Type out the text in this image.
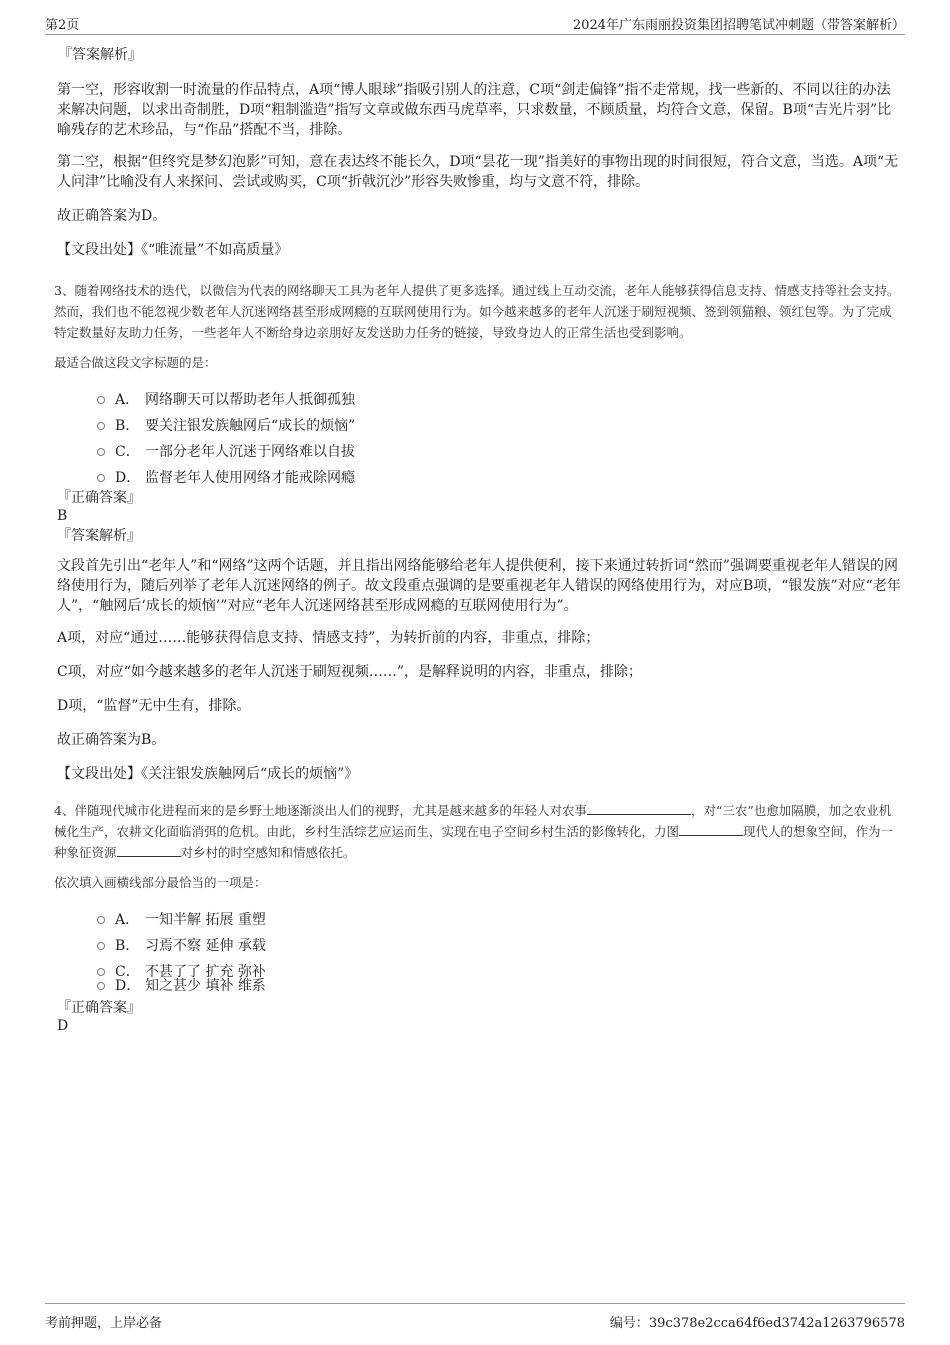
第2页	2024年广东雨丽投资集团招聘笔试冲刺题（带答案解析）
『答案解析』

第一空，形容收割一时流量的作品特点，A项“博人眼球”指吸引别人的注意，C项“剑走偏锋”指不走常规，找一些新的、不同以往的办法来解决问题，以求出奇制胜，D项“粗制滥造”指写文章或做东西马虎草率，只求数量，不顾质量，均符合文意，保留。B项“吉光片羽”比喻残存的艺术珍品，与“作品”搭配不当，排除。

第二空，根据“但终究是梦幻泡影”可知，意在表达终不能长久，D项“昙花一现”指美好的事物出现的时间很短，符合文意，当选。A项“无人问津”比喻没有人来探问、尝试或购买，C项“折戟沉沙”形容失败惨重，均与文意不符，排除。

故正确答案为D。

【文段出处】《“唯流量”不如高质量》

3、随着网络技术的迭代，以微信为代表的网络聊天工具为老年人提供了更多选择。通过线上互动交流，老年人能够获得信息支持、情感支持等社会支持。然而，我们也不能忽视少数老年人沉迷网络甚至形成网瘾的互联网使用行为。如今越来越多的老年人沉迷于刷短视频、签到领猫粮、领红包等。为了完成特定数量好友助力任务，一些老年人不断给身边亲朋好友发送助力任务的链接，导致身边人的正常生活也受到影响。

最适合做这段文字标题的是：

A． 网络聊天可以帮助老年人抵御孤独
B． 要关注银发族触网后“成长的烦恼”
C． 一部分老年人沉迷于网络难以自拔
D． 监督老年人使用网络才能戒除网瘾
『正确答案』
B
『答案解析』

文段首先引出“老年人”和“网络”这两个话题，并且指出网络能够给老年人提供便利，接下来通过转折词“然而”强调要重视老年人错误的网络使用行为，随后列举了老年人沉迷网络的例子。故文段重点强调的是要重视老年人错误的网络使用行为，对应B项，“银发族”对应“老年人”，“触网后‘成长的烦恼’”对应“老年人沉迷网络甚至形成网瘾的互联网使用行为”。

A项，对应“通过……能够获得信息支持、情感支持”，为转折前的内容，非重点，排除；

C项，对应“如今越来越多的老年人沉迷于刷短视频……”，是解释说明的内容，非重点，排除；

D项，“监督”无中生有，排除。

故正确答案为B。

【文段出处】《关注银发族触网后“成长的烦恼”》

4、伴随现代城市化进程而来的是乡野土地逐渐淡出人们的视野，尤其是越来越多的年轻人对农事	，对“三农”也愈加隔膜，加之农业机械化生产，农耕文化面临消弭的危机。由此，乡村生活综艺应运而生，实现在电子空间乡村生活的影像转化，力图	现代人的想象空间，作为一种象征资源	对乡村的时空感知和情感依托。

依次填入画横线部分最恰当的一项是：

A． 一知半解 拓展 重塑
B． 习焉不察 延伸 承载
C． 不甚了了 扩充 弥补
D． 知之甚少 填补 维系
『正确答案』
D
考前押题，上岸必备	编号：39c378e2cca64f6ed3742a1263796578
